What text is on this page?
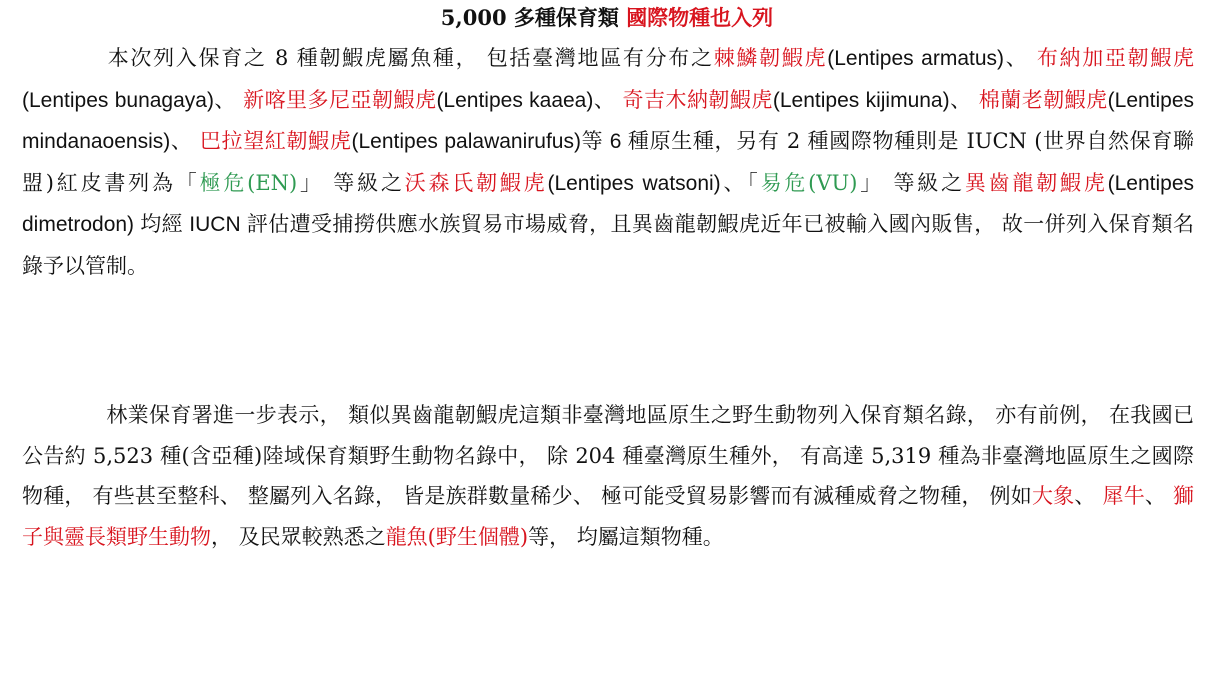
5,000 多種保育類 國際物種也入列
本次列入保育之 8 種韌鰕虎屬魚種， 包括臺灣地區有分布之棘鱗韌鰕虎(Lentipes armatus)、 布納加亞韌鰕虎(Lentipes bunagaya)、 新喀里多尼亞韌鰕虎(Lentipes kaaea)、 奇吉木納韌鰕虎(Lentipes kijimuna)、 棉蘭老韌鰕虎(Lentipes mindanaoensis)、 巴拉望紅韌鰕虎(Lentipes palawanirufus)等 6 種原生種，另有 2 種國際物種則是 IUCN (世界自然保育聯盟)紅皮書列為「極危(EN)」 等級之沃森氏韌鰕虎(Lentipes watsoni)、「易危(VU)」 等級之異齒龍韌鰕虎(Lentipes dimetrodon) 均經 IUCN 評估遭受捕撈供應水族貿易市場威脅，且異齒龍韌鰕虎近年已被輸入國內販售， 故一併列入保育類名錄予以管制。
林業保育署進一步表示， 類似異齒龍韌鰕虎這類非臺灣地區原生之野生動物列入保育類名錄， 亦有前例， 在我國已公告約 5,523 種(含亞種)陸域保育類野生動物名錄中， 除 204 種臺灣原生種外， 有高達 5,319 種為非臺灣地區原生之國際物種， 有些甚至整科、 整屬列入名錄， 皆是族群數量稀少、 極可能受貿易影響而有滅種威脅之物種， 例如大象、 犀牛、 獅子與靈長類野生動物， 及民眾較熟悉之龍魚(野生個體)等， 均屬這類物種。
